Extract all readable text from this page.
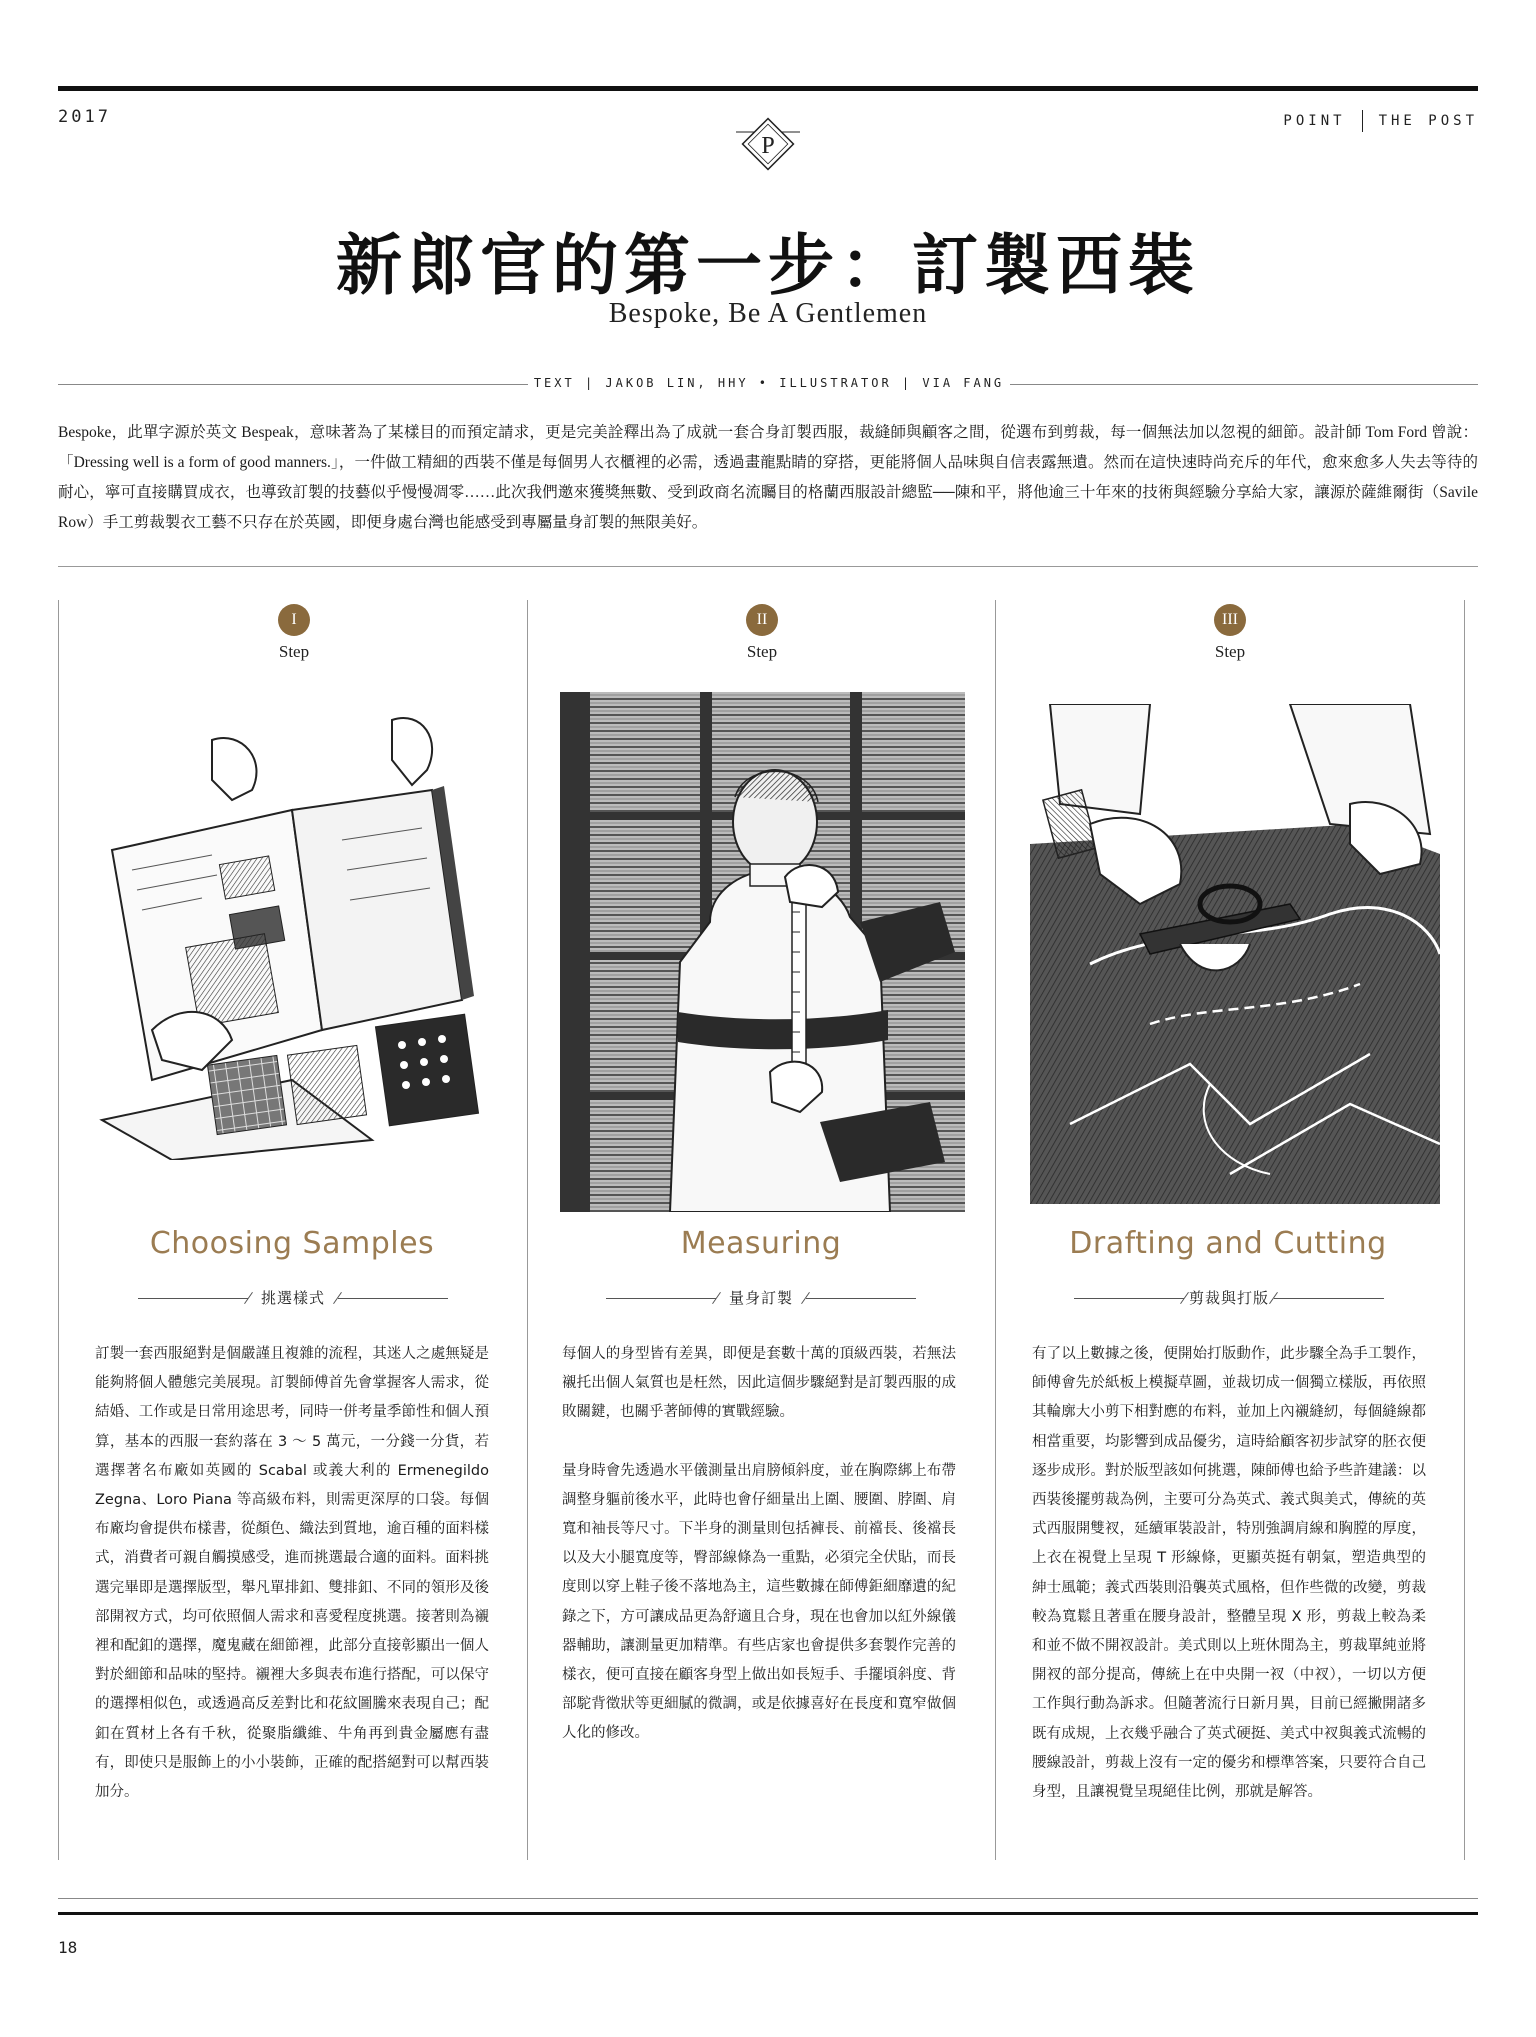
2017
P
POINT THE POST
新郎官的第一步：訂製西裝
Bespoke, Be A Gentlemen
TEXT | JAKOB LIN, HHY • ILLUSTRATOR | VIA FANG
Bespoke，此單字源於英文 Bespeak，意味著為了某樣目的而預定請求，更是完美詮釋出為了成就一套合身訂製西服，裁縫師與顧客之間，從選布到剪裁，每一個無法加以忽視的細節。設計師 Tom Ford 曾說：「Dressing well is a form of good manners.」，一件做工精細的西裝不僅是每個男人衣櫃裡的必需，透過畫龍點睛的穿搭，更能將個人品味與自信表露無遺。然而在這快速時尚充斥的年代，愈來愈多人失去等待的耐心，寧可直接購買成衣，也導致訂製的技藝似乎慢慢凋零……此次我們邀來獲獎無數、受到政商名流矚目的格蘭西服設計總監──陳和平，將他逾三十年來的技術與經驗分享給大家，讓源於薩維爾街（Savile Row）手工剪裁製衣工藝不只存在於英國，即便身處台灣也能感受到專屬量身訂製的無限美好。
I
Step
Choosing Samples
挑選樣式

訂製一套西服絕對是個嚴謹且複雜的流程，其迷人之處無疑是能夠將個人體態完美展現。訂製師傅首先會掌握客人需求，從結婚、工作或是日常用途思考，同時一併考量季節性和個人預算，基本的西服一套約落在 3 ～ 5 萬元，一分錢一分貨，若選擇著名布廠如英國的 Scabal 或義大利的 Ermenegildo Zegna、Loro Piana 等高級布料，則需更深厚的口袋。每個布廠均會提供布樣書，從顏色、織法到質地，逾百種的面料樣式，消費者可親自觸摸感受，進而挑選最合適的面料。面料挑選完畢即是選擇版型，舉凡單排釦、雙排釦、不同的領形及後部開衩方式，均可依照個人需求和喜愛程度挑選。接著則為襯裡和配釦的選擇，魔鬼藏在細節裡，此部分直接彰顯出一個人對於細節和品味的堅持。襯裡大多與表布進行搭配，可以保守的選擇相似色，或透過高反差對比和花紋圖騰來表現自己；配釦在質材上各有千秋，從聚脂纖維、牛角再到貴金屬應有盡有，即使只是服飾上的小小裝飾，正確的配搭絕對可以幫西裝加分。

II
Step
Measuring
量身訂製

每個人的身型皆有差異，即便是套數十萬的頂級西裝，若無法襯托出個人氣質也是枉然，因此這個步驟絕對是訂製西服的成敗關鍵，也關乎著師傅的實戰經驗。

量身時會先透過水平儀測量出肩膀傾斜度，並在胸際綁上布帶調整身軀前後水平，此時也會仔細量出上圍、腰圍、脖圍、肩寬和袖長等尺寸。下半身的測量則包括褲長、前襠長、後襠長以及大小腿寬度等，臀部線條為一重點，必須完全伏貼，而長度則以穿上鞋子後不落地為主，這些數據在師傅鉅細靡遺的紀錄之下，方可讓成品更為舒適且合身，現在也會加以紅外線儀器輔助，讓測量更加精準。有些店家也會提供多套製作完善的樣衣，便可直接在顧客身型上做出如長短手、手擺頃斜度、背部駝背徵狀等更細膩的微調，或是依據喜好在長度和寬窄做個人化的修改。

III
Step
Drafting and Cutting
剪裁與打版

有了以上數據之後，便開始打版動作，此步驟全為手工製作，師傅會先於紙板上模擬草圖，並裁切成一個獨立樣版，再依照其輪廓大小剪下相對應的布料，並加上內襯縫紉，每個縫線都相當重要，均影響到成品優劣，這時給顧客初步試穿的胚衣便逐步成形。對於版型該如何挑選，陳師傅也給予些許建議：以西裝後擺剪裁為例，主要可分為英式、義式與美式，傳統的英式西服開雙衩，延續軍裝設計，特別強調肩線和胸膛的厚度，上衣在視覺上呈現 T 形線條，更顯英挺有朝氣，塑造典型的紳士風範；義式西裝則沿襲英式風格，但作些微的改變，剪裁較為寬鬆且著重在腰身設計，整體呈現 X 形，剪裁上較為柔和並不做不開衩設計。美式則以上班休閒為主，剪裁單純並將開衩的部分提高，傳統上在中央開一衩（中衩），一切以方便工作與行動為訴求。但隨著流行日新月異，目前已經撇開諸多既有成規，上衣幾乎融合了英式硬挺、美式中衩與義式流暢的腰線設計，剪裁上沒有一定的優劣和標準答案，只要符合自己身型，且讓視覺呈現絕佳比例，那就是解答。

18
